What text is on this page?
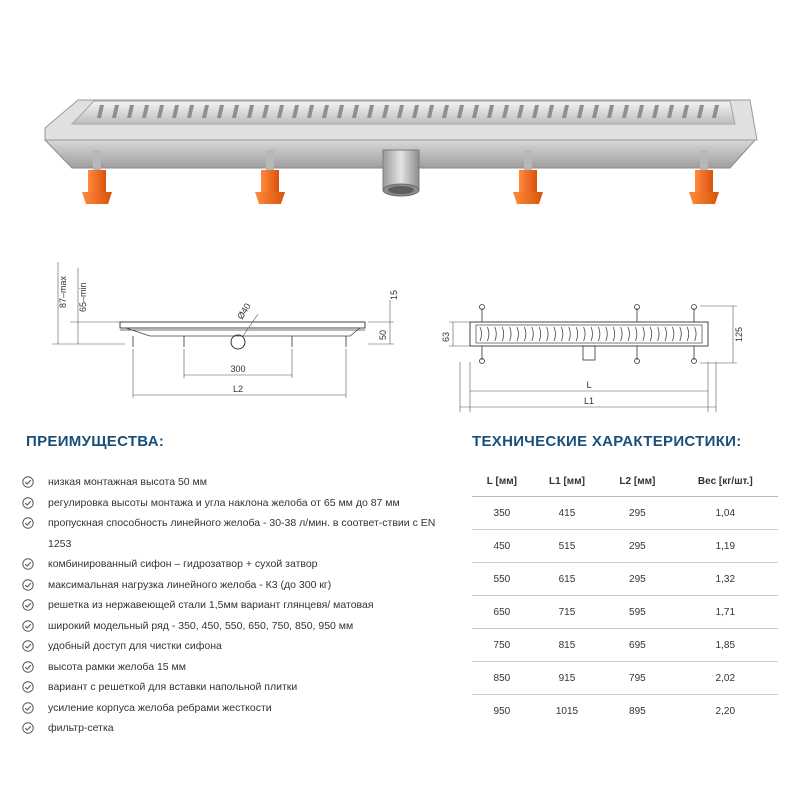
87–max 65–min	Ø40
15
50
300
L2
63	125
L
L1
ПРЕИМУЩЕСТВА:
низкая монтажная высота 50 мм
регулировка высоты монтажа и угла наклона желоба от 65 мм до 87 мм
пропускная способность линейного желоба - 30-38 л/мин. в соответ-ствии с EN 1253
комбинированный сифон – гидрозатвор + сухой затвор
максимальная нагрузка линейного желоба - К3 (до 300 кг)
решетка из нержавеющей стали 1,5мм вариант глянцевя/ матовая
широкий модельный ряд - 350, 450, 550, 650, 750, 850, 950 мм
удобный доступ для чистки сифона
высота рамки желоба 15 мм
вариант с решеткой для вставки напольной плитки
усиление корпуса желоба ребрами жесткости
фильтр-сетка
ТЕХНИЧЕСКИЕ ХАРАКТЕРИСТИКИ:
L [мм]	L1 [мм]	L2 [мм]	Вес [кг/шт.]
350	415	295	1,04
450	515	295	1,19
550	615	295	1,32
650	715	595	1,71
750	815	695	1,85
850	915	795	2,02
950	1015	895	2,20
